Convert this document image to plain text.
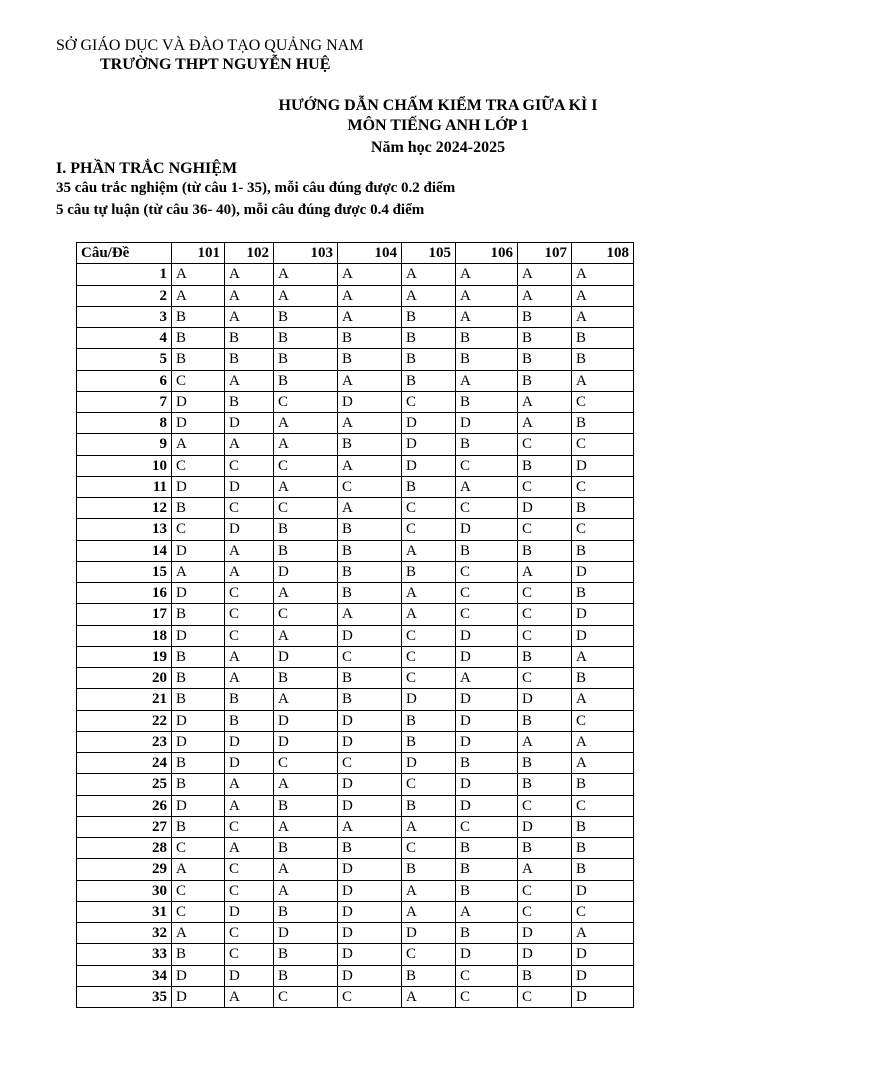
SỞ GIÁO DỤC VÀ ĐÀO TẠO QUẢNG NAM
TRƯỜNG THPT NGUYỄN HUỆ
HƯỚNG DẪN CHẤM KIỂM TRA GIỮA KÌ I
MÔN TIẾNG ANH LỚP 1
Năm học 2024-2025
I. PHẦN TRẮC NGHIỆM
35 câu trắc nghiệm (từ câu 1- 35), mỗi câu đúng được 0.2 điểm
5 câu tự luận (từ câu 36- 40), mỗi câu đúng được 0.4 điểm
Câu/Đề	101	102	103	104	105	106	107	108
1	A	A	A	A	A	A	A	A
2	A	A	A	A	A	A	A	A
3	B	A	B	A	B	A	B	A
4	B	B	B	B	B	B	B	B
5	B	B	B	B	B	B	B	B
6	C	A	B	A	B	A	B	A
7	D	B	C	D	C	B	A	C
8	D	D	A	A	D	D	A	B
9	A	A	A	B	D	B	C	C
10	C	C	C	A	D	C	B	D
11	D	D	A	C	B	A	C	C
12	B	C	C	A	C	C	D	B
13	C	D	B	B	C	D	C	C
14	D	A	B	B	A	B	B	B
15	A	A	D	B	B	C	A	D
16	D	C	A	B	A	C	C	B
17	B	C	C	A	A	C	C	D
18	D	C	A	D	C	D	C	D
19	B	A	D	C	C	D	B	A
20	B	A	B	B	C	A	C	B
21	B	B	A	B	D	D	D	A
22	D	B	D	D	B	D	B	C
23	D	D	D	D	B	D	A	A
24	B	D	C	C	D	B	B	A
25	B	A	A	D	C	D	B	B
26	D	A	B	D	B	D	C	C
27	B	C	A	A	A	C	D	B
28	C	A	B	B	C	B	B	B
29	A	C	A	D	B	B	A	B
30	C	C	A	D	A	B	C	D
31	C	D	B	D	A	A	C	C
32	A	C	D	D	D	B	D	A
33	B	C	B	D	C	D	D	D
34	D	D	B	D	B	C	B	D
35	D	A	C	C	A	C	C	D
